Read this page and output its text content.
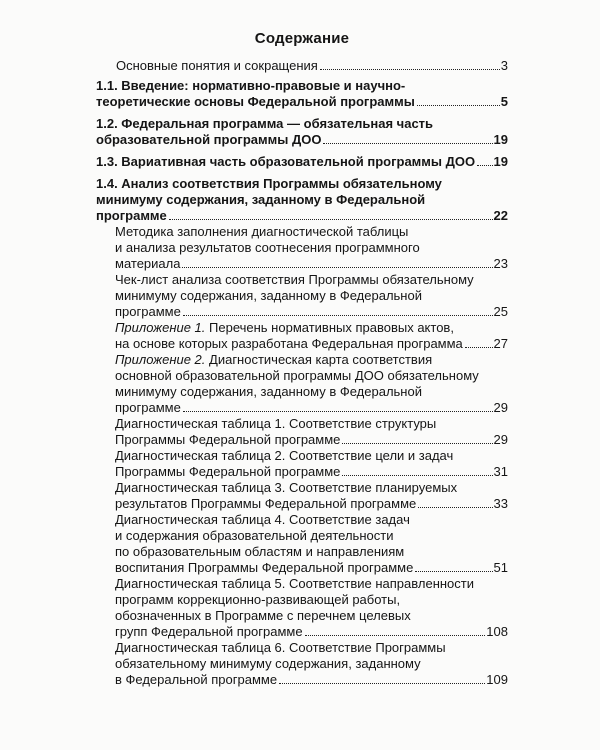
Содержание
Основные понятия и сокращения	3
1.1. Введение: нормативно-правовые и научно-
теоретические основы Федеральной программы	5
1.2. Федеральная программа — обязательная часть
образовательной программы ДОО	19
1.3. Вариативная часть образовательной программы ДОО 19
1.4. Анализ соответствия Программы обязательному
минимуму содержания, заданному в Федеральной
программе	22
Методика заполнения диагностической таблицы
и анализа результатов соотнесения программного
материала	23
Чек-лист анализа соответствия Программы обязательному
минимуму содержания, заданному в Федеральной
программе	25
Приложение 1. Перечень нормативных правовых актов,
на основе которых разработана Федеральная программа 27
Приложение 2. Диагностическая карта соответствия
основной образовательной программы ДОО обязательному
минимуму содержания, заданному в Федеральной
программе	29
Диагностическая таблица 1. Соответствие структуры
Программы Федеральной программе	29
Диагностическая таблица 2. Соответствие цели и задач
Программы Федеральной программе	31
Диагностическая таблица 3. Соответствие планируемых
результатов Программы Федеральной программе	33
Диагностическая таблица 4. Соответствие задач
и содержания образовательной деятельности
по образовательным областям и направлениям
воспитания Программы Федеральной программе	51
Диагностическая таблица 5. Соответствие направленности
программ коррекционно-развивающей работы,
обозначенных в Программе с перечнем целевых
групп Федеральной программе	108
Диагностическая таблица 6. Соответствие Программы
обязательному минимуму содержания, заданному
в Федеральной программе	109
